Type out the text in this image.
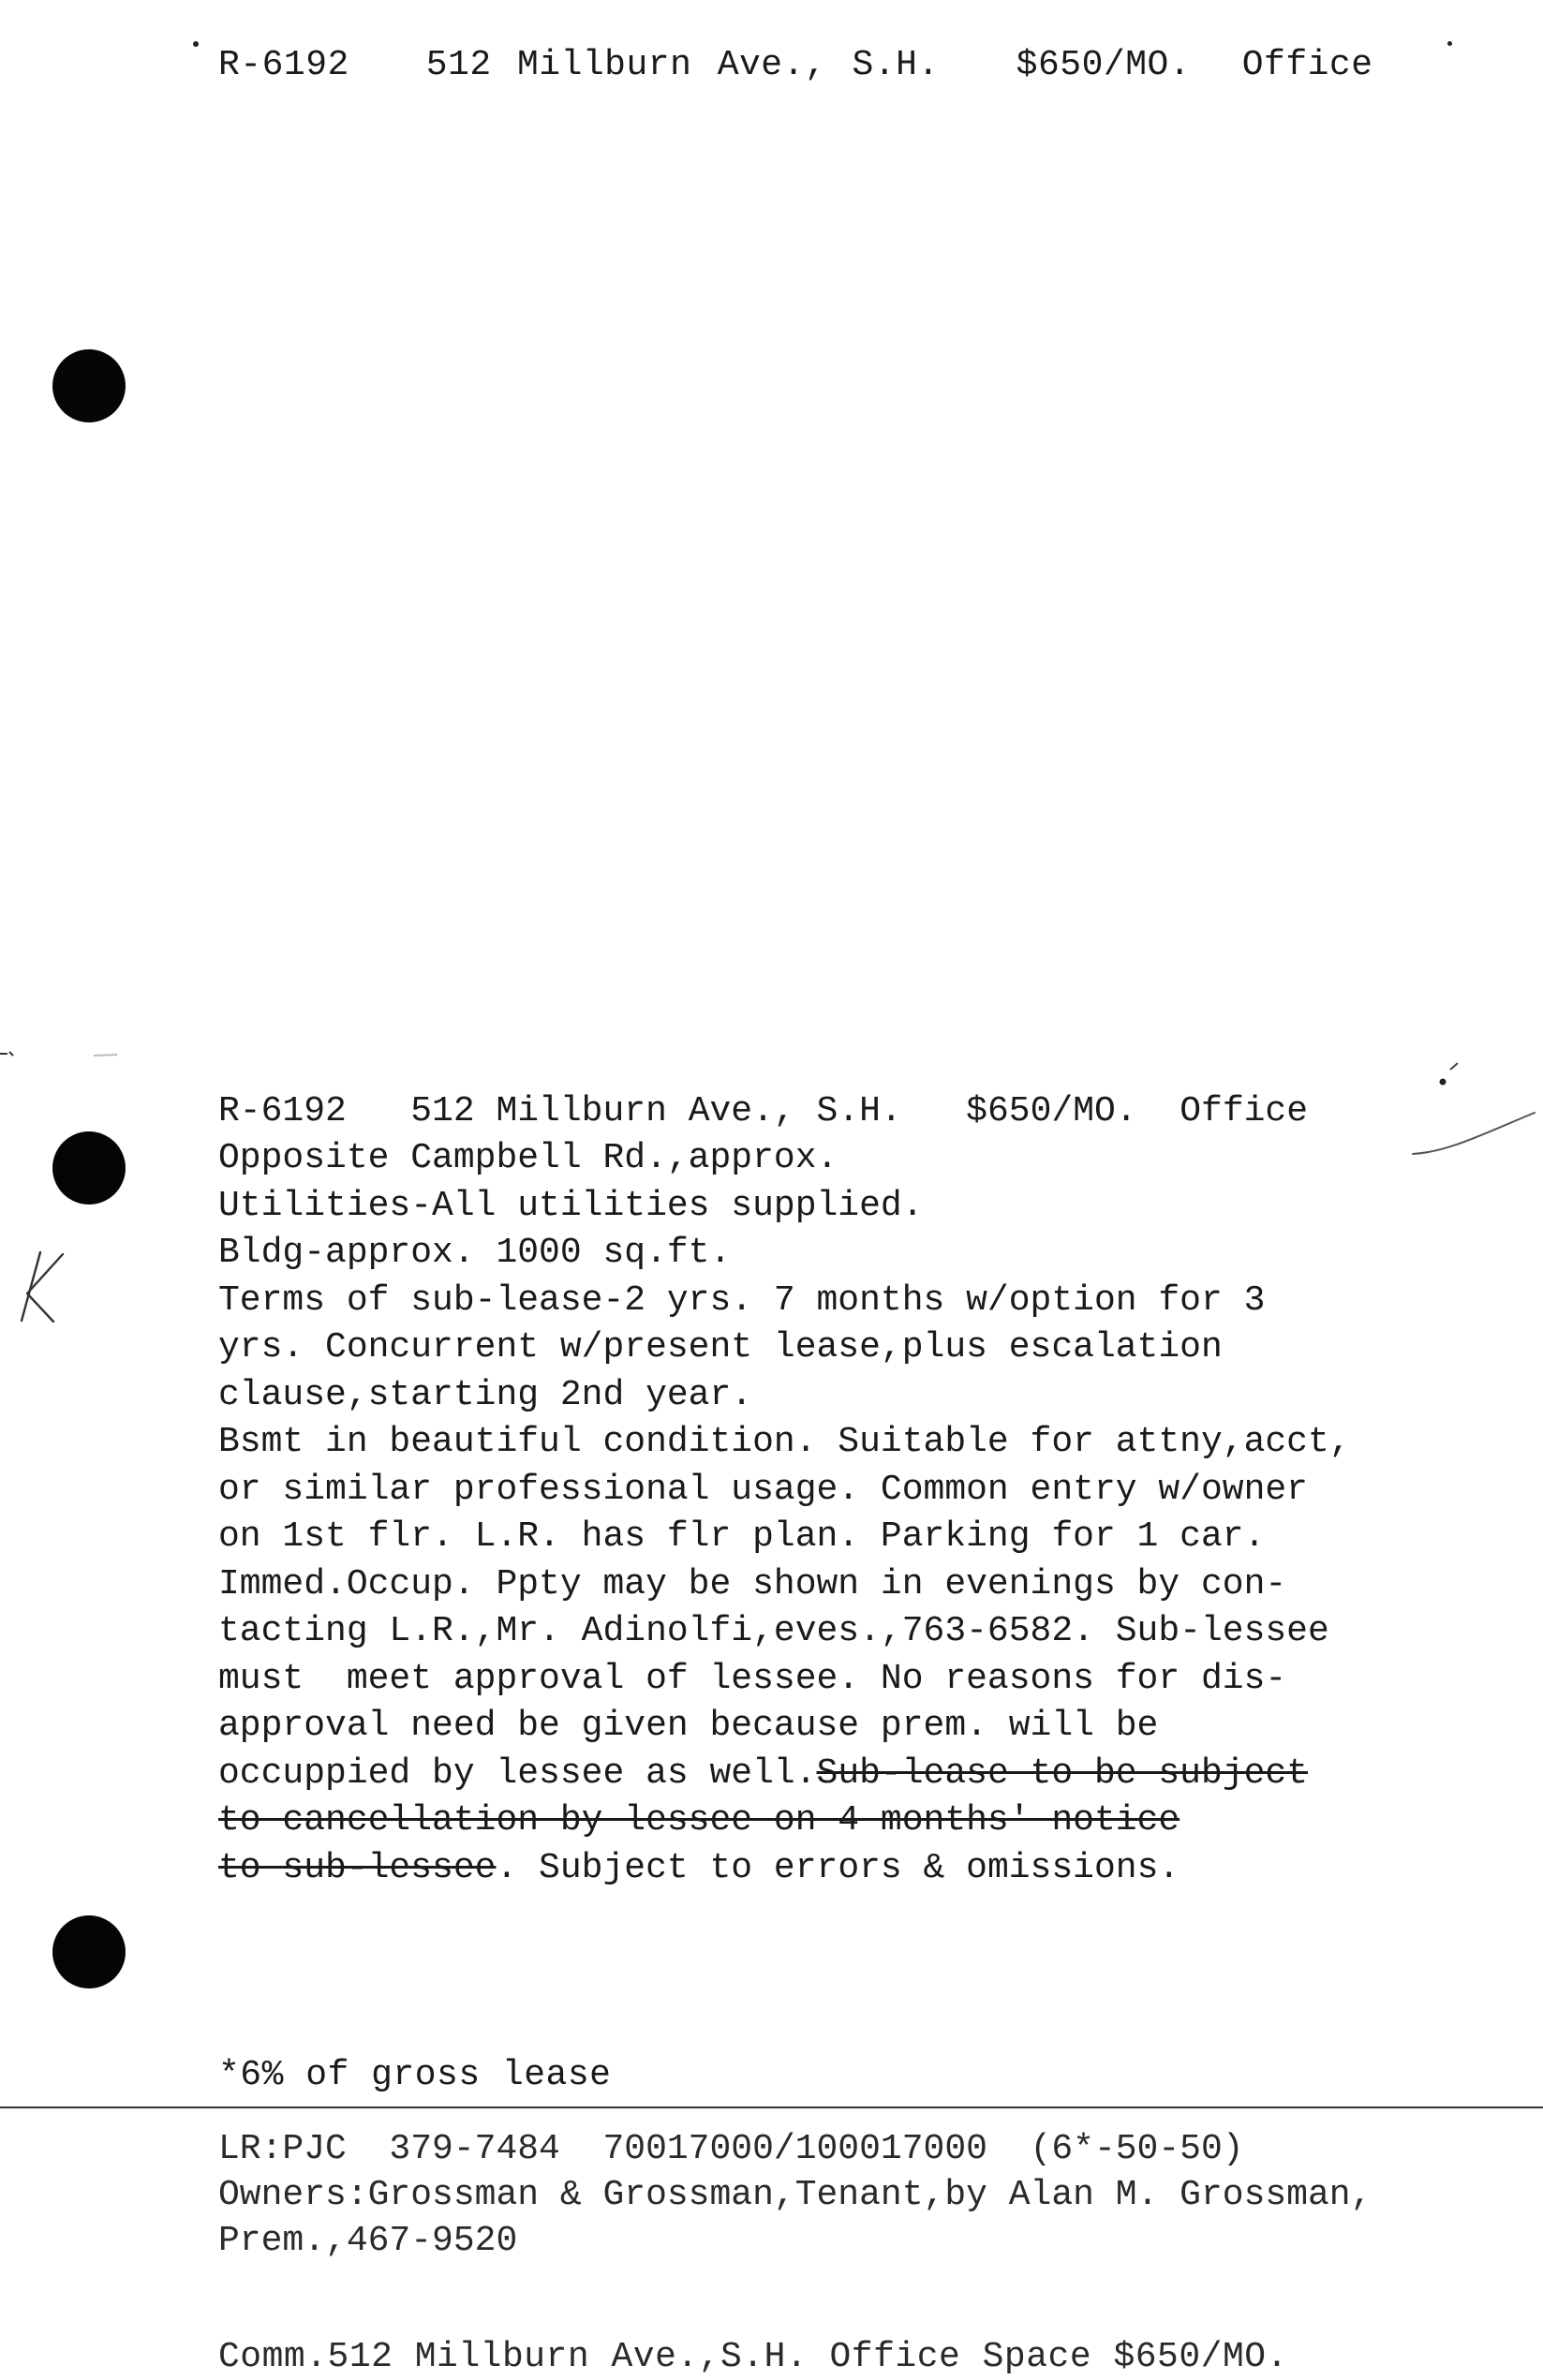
R-6192 512 Millburn Ave., S.H. $650/MO. Office
R-6192 512 Millburn Ave., S.H. $650/MO. Office
Opposite Campbell Rd.,approx.
Utilities-All utilities supplied.
Bldg-approx. 1000 sq.ft.
Terms of sub-lease-2 yrs. 7 months w/option for 3
yrs. Concurrent w/present lease,plus escalation
clause,starting 2nd year.
Bsmt in beautiful condition. Suitable for attny,acct,
or similar professional usage. Common entry w/owner
on 1st flr. L.R. has flr plan. Parking for 1 car.
Immed.Occup. Ppty may be shown in evenings by con-
tacting L.R.,Mr. Adinolfi,eves.,763-6582. Sub-lessee
must  meet approval of lessee. No reasons for dis-
approval need be given because prem. will be
occuppied by lessee as well.Sub-lease to be subject
to cancellation by lessee on 4 months' notice
to sub-lessee. Subject to errors & omissions.
*6% of gross lease
LR:PJC  379-7484  70017000/100017000  (6*-50-50)
Owners:Grossman & Grossman,Tenant,by Alan M. Grossman,
Prem.,467-9520
Comm.512 Millburn Ave.,S.H. Office Space $650/MO.
